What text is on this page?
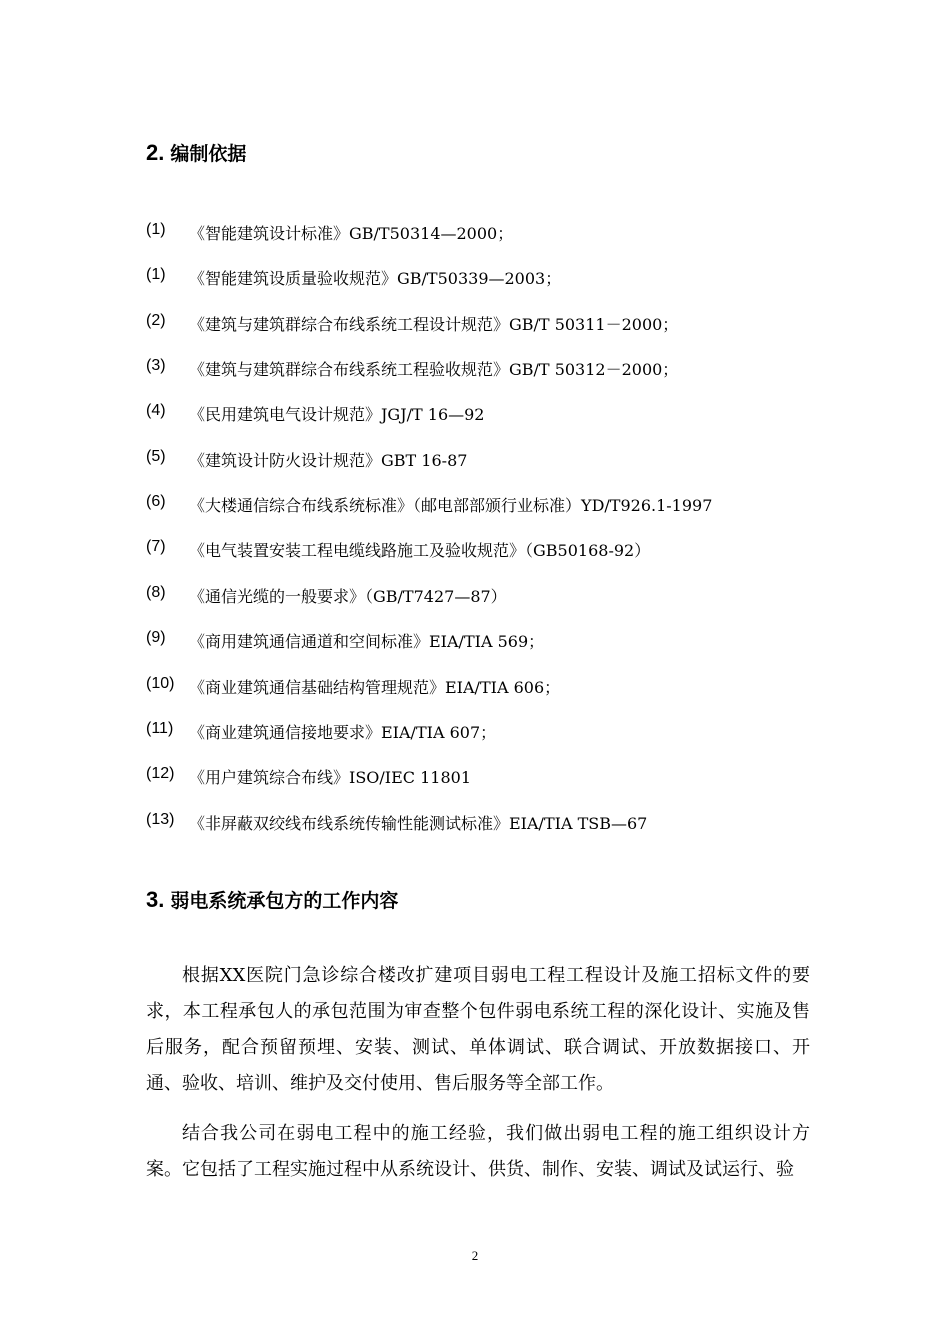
2. 编制依据
(1) 《智能建筑设计标准》GB/T50314—2000；
(1) 《智能建筑设质量验收规范》GB/T50339—2003；
(2) 《建筑与建筑群综合布线系统工程设计规范》GB/T 50311－2000；
(3) 《建筑与建筑群综合布线系统工程验收规范》GB/T 50312－2000；
(4) 《民用建筑电气设计规范》JGJ/T 16—92
(5) 《建筑设计防火设计规范》GBT 16-87
(6) 《大楼通信综合布线系统标准》（邮电部部颁行业标准）YD/T926.1-1997
(7) 《电气装置安装工程电缆线路施工及验收规范》（GB50168-92）
(8) 《通信光缆的一般要求》（GB/T7427—87）
(9) 《商用建筑通信通道和空间标准》EIA/TIA 569；
(10) 《商业建筑通信基础结构管理规范》EIA/TIA 606；
(11) 《商业建筑通信接地要求》EIA/TIA 607；
(12) 《用户建筑综合布线》ISO/IEC 11801
(13) 《非屏蔽双绞线布线系统传输性能测试标准》EIA/TIA TSB—67
3. 弱电系统承包方的工作内容

根据XX医院门急诊综合楼改扩建项目弱电工程工程设计及施工招标文件的要求，本工程承包人的承包范围为审查整个包件弱电系统工程的深化设计、实施及售后服务，配合预留预埋、安装、测试、单体调试、联合调试、开放数据接口、开通、验收、培训、维护及交付使用、售后服务等全部工作。

结合我公司在弱电工程中的施工经验，我们做出弱电工程的施工组织设计方案。它包括了工程实施过程中从系统设计、供货、制作、安装、调试及试运行、验

2
